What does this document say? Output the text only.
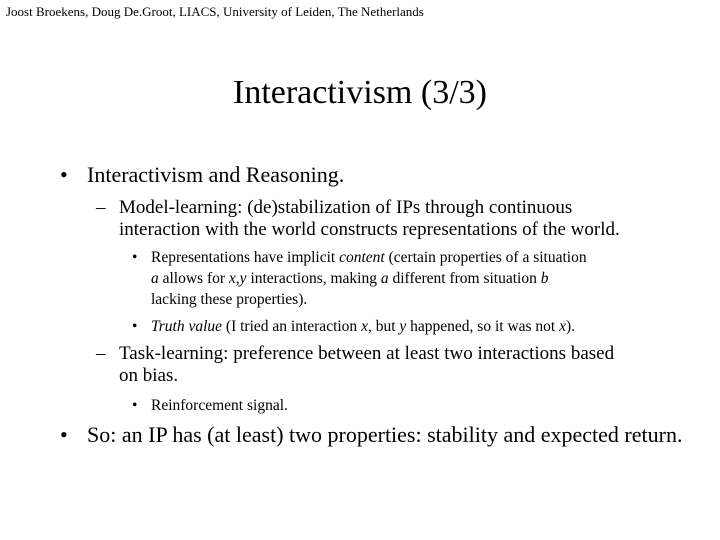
Joost Broekens, Doug De.Groot, LIACS, University of Leiden, The Netherlands
Interactivism (3/3)
• Interactivism and Reasoning.
– Model-learning: (de)stabilization of IPs through continuous
interaction with the world constructs representations of the world.
• Representations have implicit content (certain properties of a situation
a allows for x,y interactions, making a different from situation b
lacking these properties).
• Truth value (I tried an interaction x, but y happened, so it was not x).
– Task-learning: preference between at least two interactions based
on bias.
• Reinforcement signal.
• So: an IP has (at least) two properties: stability and expected return.
